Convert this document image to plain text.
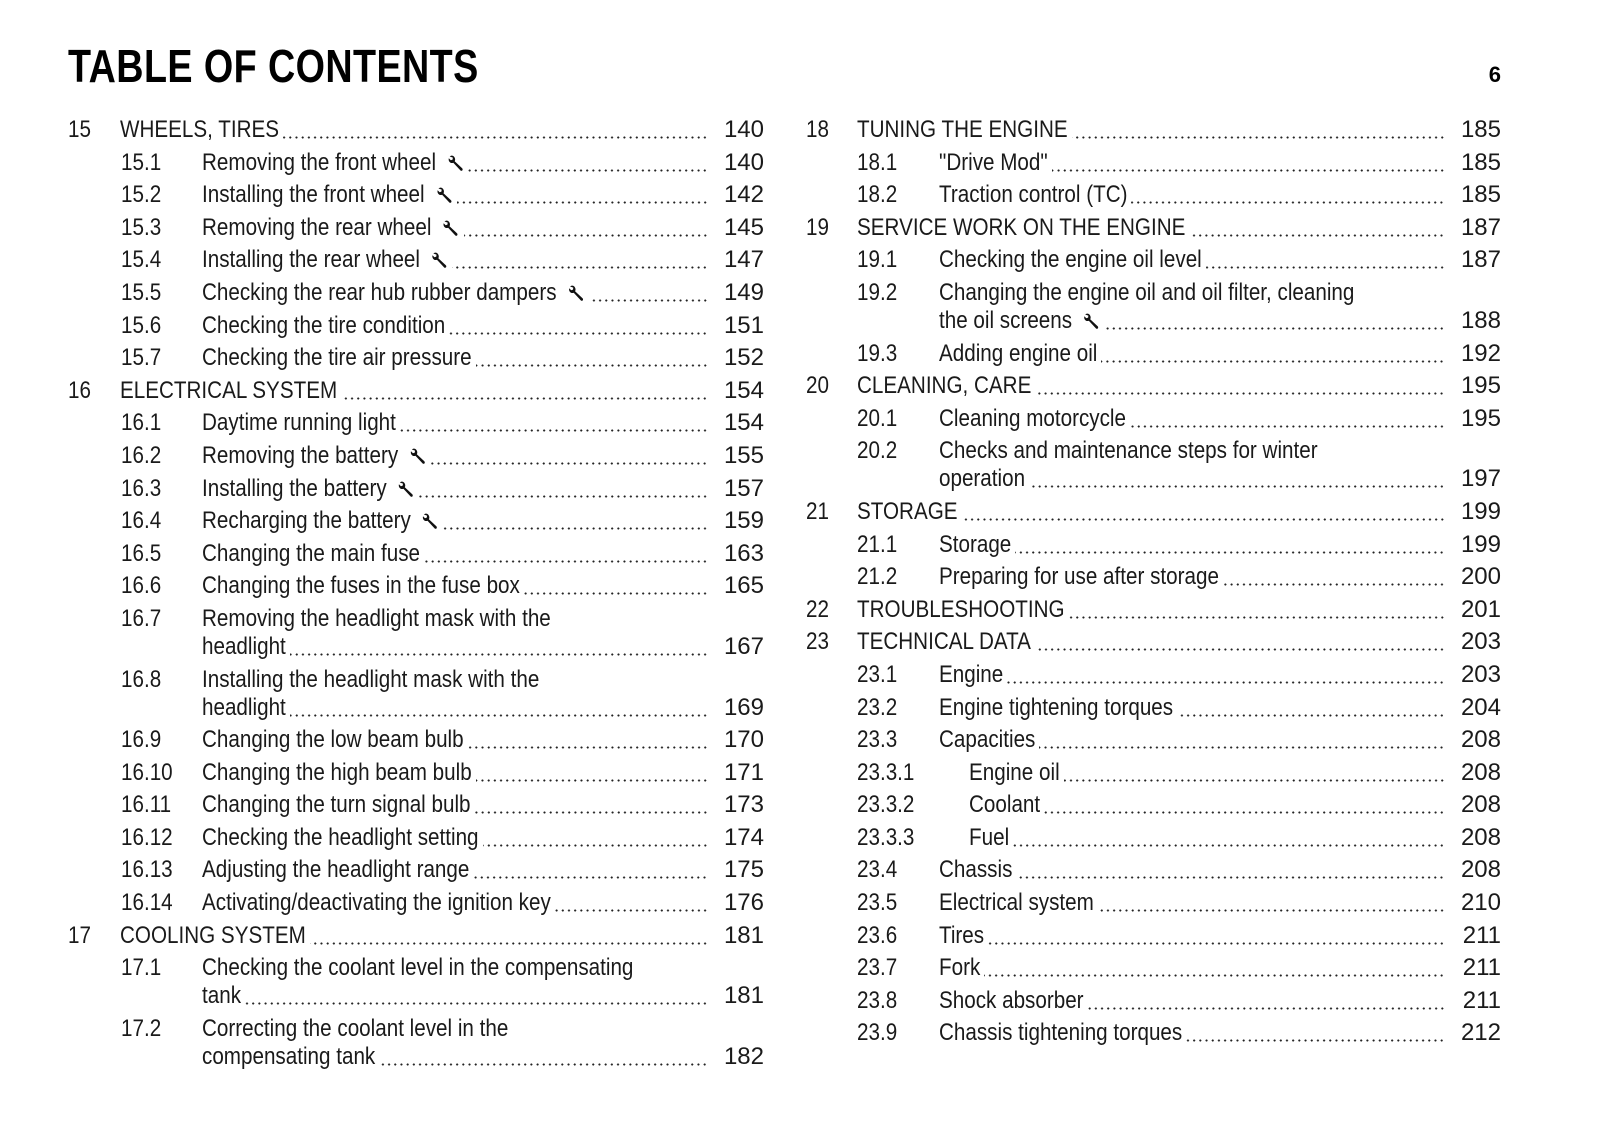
TABLE OF CONTENTS	6
15 WHEELS, TIRES	140
15.1 Removing the front wheel	140
15.2 Installing the front wheel	142
15.3 Removing the rear wheel	145
15.4 Installing the rear wheel	147
15.5 Checking the rear hub rubber dampers	149
15.6 Checking the tire condition	151
15.7 Checking the tire air pressure	152
16 ELECTRICAL SYSTEM	154
16.1 Daytime running light	154
16.2 Removing the battery	155
16.3 Installing the battery	157
16.4 Recharging the battery	159
16.5 Changing the main fuse	163
16.6 Changing the fuses in the fuse box	165
16.7 Removing the headlight mask with the
headlight	167
16.8 Installing the headlight mask with the
headlight	169
16.9 Changing the low beam bulb	170
16.10	Changing the high beam bulb	171
16.11	Changing the turn signal bulb	173
16.12	Checking the headlight setting	174
16.13	Adjusting the headlight range	175
16.14	Activating/deactivating the ignition key	176
17 COOLING SYSTEM	181
17.1 Checking the coolant level in the compensating
tank	181
17.2 Correcting the coolant level in the
compensating tank	182
18 TUNING THE ENGINE	185
18.1 "Drive Mod"	185
18.2 Traction control (TC)	185
19 SERVICE WORK ON THE ENGINE	187
19.1 Checking the engine oil level	187
19.2 Changing the engine oil and oil filter, cleaning
the oil screens	188
19.3 Adding engine oil	192
20 CLEANING, CARE	195
20.1 Cleaning motorcycle	195
20.2 Checks and maintenance steps for winter
operation	197
21 STORAGE	199
21.1 Storage	199
21.2 Preparing for use after storage	200
22 TROUBLESHOOTING	201
23 TECHNICAL DATA	203
23.1 Engine	203
23.2 Engine tightening torques	204
23.3 Capacities	208
23.3.1	Engine oil	208
23.3.2	Coolant	208
23.3.3	Fuel	208
23.4 Chassis	208
23.5 Electrical system	210
23.6 Tires	211
23.7 Fork	211
23.8 Shock absorber	211
23.9 Chassis tightening torques	212
